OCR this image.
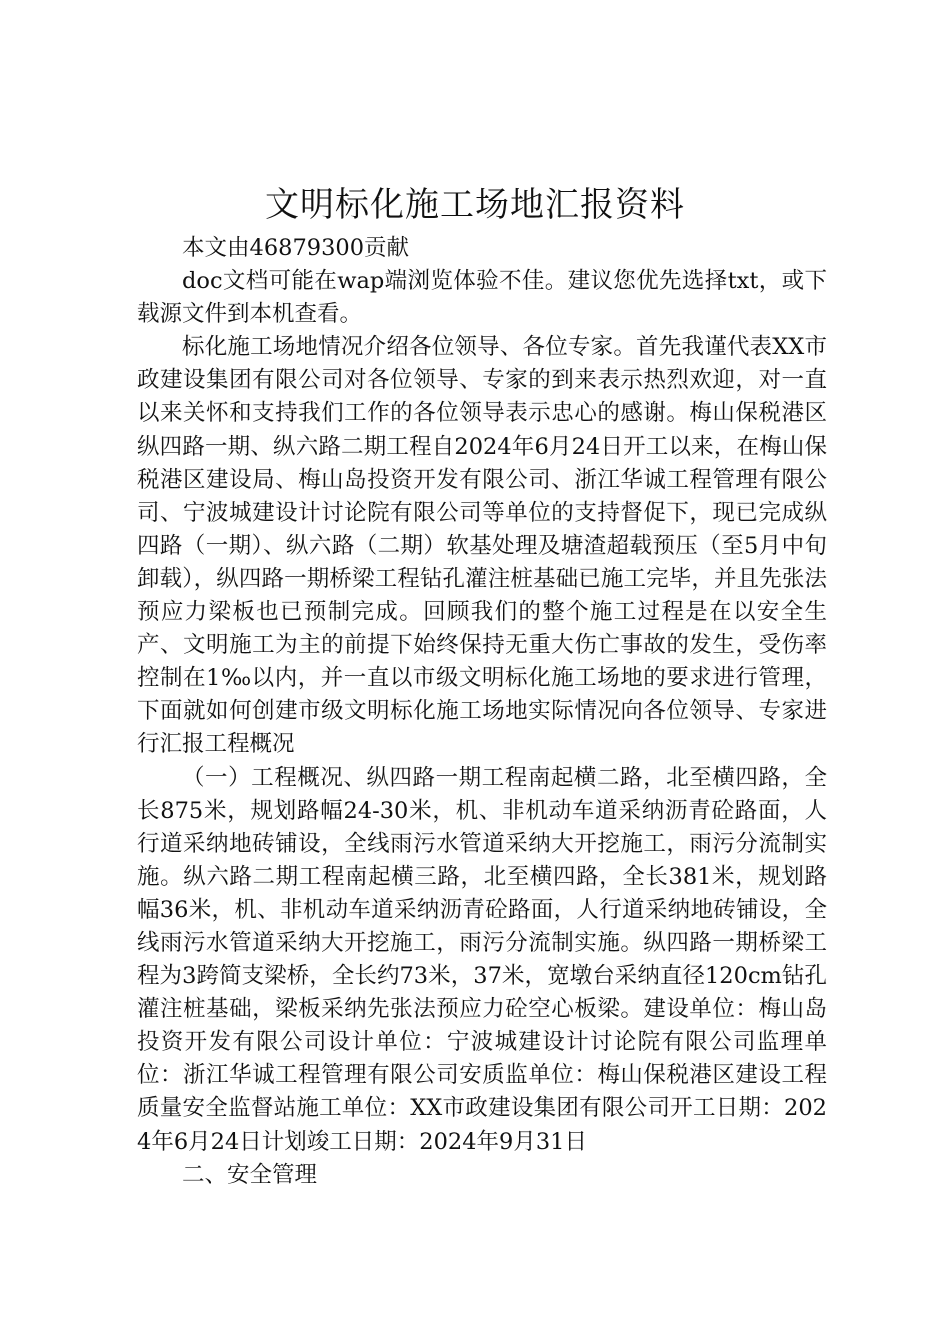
文明标化施工场地汇报资料

本文由46879300贡献

doc文档可能在wap端浏览体验不佳。建议您优先选择txt，或下载源文件到本机查看。

标化施工场地情况介绍各位领导、各位专家。首先我谨代表XX市政建设集团有限公司对各位领导、专家的到来表示热烈欢迎，对一直以来关怀和支持我们工作的各位领导表示忠心的感谢。梅山保税港区纵四路一期、纵六路二期工程自2024年6月24日开工以来，在梅山保税港区建设局、梅山岛投资开发有限公司、浙江华诚工程管理有限公司、宁波城建设计讨论院有限公司等单位的支持督促下，现已完成纵四路（一期）、纵六路（二期）软基处理及塘渣超载预压（至5月中旬卸载），纵四路一期桥梁工程钻孔灌注桩基础已施工完毕，并且先张法预应力梁板也已预制完成。回顾我们的整个施工过程是在以安全生产、文明施工为主的前提下始终保持无重大伤亡事故的发生，受伤率控制在1‰以内，并一直以市级文明标化施工场地的要求进行管理，下面就如何创建市级文明标化施工场地实际情况向各位领导、专家进行汇报工程概况

（一）工程概况、纵四路一期工程南起横二路，北至横四路，全长875米，规划路幅24-30米，机、非机动车道采纳沥青砼路面，人行道采纳地砖铺设，全线雨污水管道采纳大开挖施工，雨污分流制实施。纵六路二期工程南起横三路，北至横四路，全长381米，规划路幅36米，机、非机动车道采纳沥青砼路面，人行道采纳地砖铺设，全线雨污水管道采纳大开挖施工，雨污分流制实施。纵四路一期桥梁工程为3跨简支梁桥，全长约73米，37米，宽墩台采纳直径120cm钻孔灌注桩基础，梁板采纳先张法预应力砼空心板梁。建设单位：梅山岛投资开发有限公司设计单位：宁波城建设计讨论院有限公司监理单位：浙江华诚工程管理有限公司安质监单位：梅山保税港区建设工程质量安全监督站施工单位：XX市政建设集团有限公司开工日期：2024年6月24日计划竣工日期：2024年9月31日

二、安全管理
